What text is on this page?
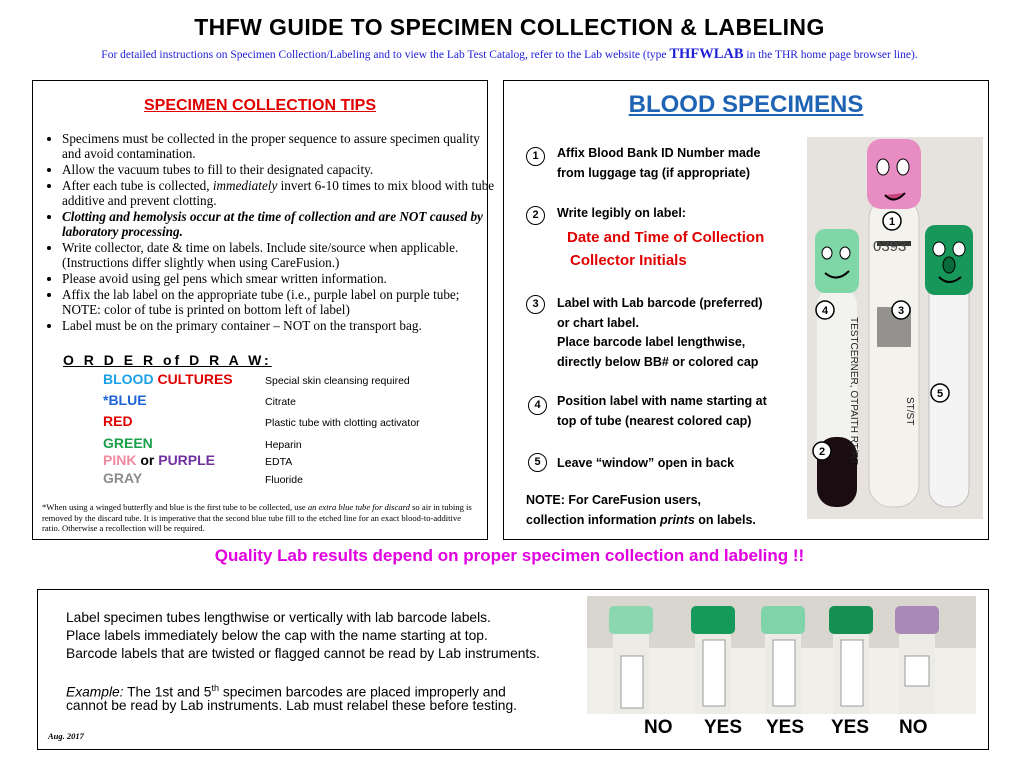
THFW GUIDE TO SPECIMEN COLLECTION & LABELING
For detailed instructions on Specimen Collection/Labeling and to view the Lab Test Catalog, refer to the Lab website (type THFWLAB in the THR home page browser line).
SPECIMEN COLLECTION TIPS
• Specimens must be collected in the proper sequence to assure specimen quality and avoid contamination.
• Allow the vacuum tubes to fill to their designated capacity.
• After each tube is collected, immediately invert 6-10 times to mix blood with tube additive and prevent clotting.
• Clotting and hemolysis occur at the time of collection and are NOT caused by laboratory processing.
• Write collector, date & time on labels. Include site/source when applicable. (Instructions differ slightly when using CareFusion.)
• Please avoid using gel pens which smear written information.
• Affix the lab label on the appropriate tube (i.e., purple label on purple tube; NOTE: color of tube is printed on bottom left of label)
• Label must be on the primary container – NOT on the transport bag.
O R D E R of D R A W:
BLOOD CULTURES	Special skin cleansing required
*BLUE	Citrate
RED	Plastic tube with clotting activator
GREEN	Heparin
PINK or PURPLE	EDTA
GRAY	Fluoride
*When using a winged butterfly and blue is the first tube to be collected, use an extra blue tube for discard so air in tubing is removed by the discard tube. It is imperative that the second blue tube fill to the etched line for an exact blood-to-additive ratio. Otherwise a recollection will be required.
BLOOD SPECIMENS
1	Affix Blood Bank ID Number made
from luggage tag (if appropriate)
2	Write legibly on label:
Date and Time of Collection
Collector Initials
3	Label with Lab barcode (preferred)
or chart label.
Place barcode label lengthwise,
directly below BB# or colored cap
4	Position label with name starting at
top of tube (nearest colored cap)
5	Leave “window” open in back
NOTE: For CareFusion users,
collection information prints on labels.
0393
TESTCERNER, OTPAITH RT/RT	ST/ST
1
2
3
4
5
Quality Lab results depend on proper specimen collection and labeling !!
Label specimen tubes lengthwise or vertically with lab barcode labels.
Place labels immediately below the cap with the name starting at top.
Barcode labels that are twisted or flagged cannot be read by Lab instruments.
Example: The 1st and 5th specimen barcodes are placed improperly and
cannot be read by Lab instruments. Lab must relabel these before testing.
Aug. 2017	NO YES YES YES NO
